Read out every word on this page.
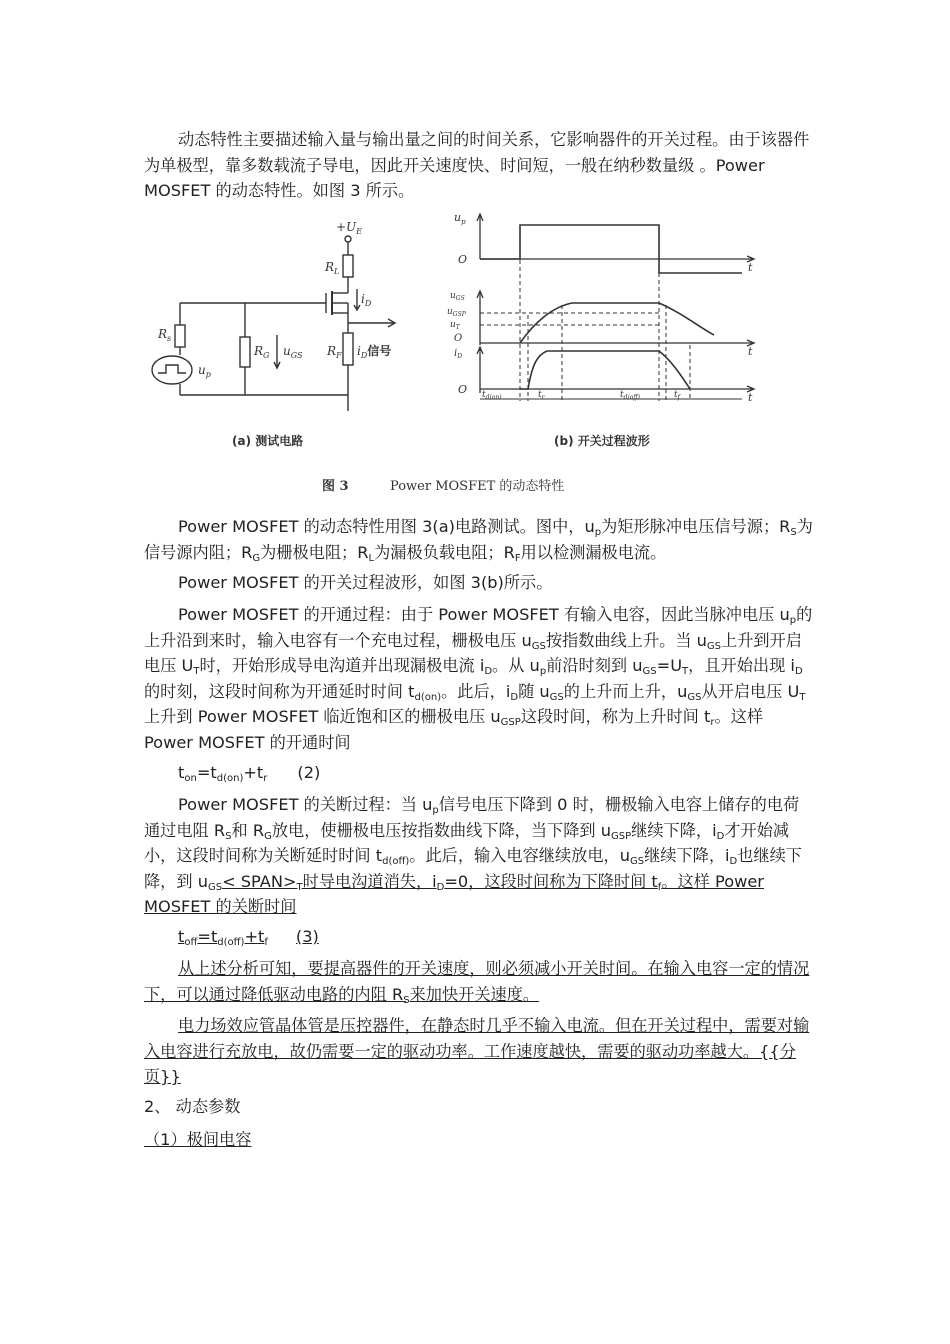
动态特性主要描述输入量与输出量之间的时间关系，它影响器件的开关过程。由于该器件为单极型，靠多数载流子导电，因此开关速度快、时间短，一般在纳秒数量级 。Power MOSFET 的动态特性。如图 3 所示。

$+U_E$
$R_L$
$i_D$
$R_s$
$R_G$ $u_{GS}$ $R_F$ $i_D$信号
$u_p$
(a) 测试电路
$u_p$
O
t
$u_{GS}$
$u_{GSP}$
$u_T$
O
$i_D$	t
O
t
$t_{d(on)}$	$t_r$	$t_{d(off)}$	$t_f$
(b) 开关过程波形
图 3	Power MOSFET 的动态特性

Power MOSFET 的动态特性用图 3(a)电路测试。图中，$u_p$为矩形脉冲电压信号源；$R_S$为信号源内阻；$R_G$为栅极电阻；$R_L$为漏极负载电阻；$R_F$用以检测漏极电流。

Power MOSFET 的开关过程波形，如图 3(b)所示。

Power MOSFET 的开通过程：由于 Power MOSFET 有输入电容，因此当脉冲电压 $u_p$的上升沿到来时，输入电容有一个充电过程，栅极电压 $u_{GS}$按指数曲线上升。当 $u_{GS}$上升到开启电压 $U_T$时，开始形成导电沟道并出现漏极电流 $i_D$。从 $u_p$前沿时刻到 $u_{GS}=U_T$，且开始出现 $i_D$的时刻，这段时间称为开通延时时间 $t_{d(on)}$。此后，$i_D$随 $u_{GS}$的上升而上升，$u_{GS}$从开启电压 $U_T$上升到 Power MOSFET 临近饱和区的栅极电压 $u_{GSP}$这段时间，称为上升时间 $t_r$。这样 Power MOSFET 的开通时间

$t_{on}=t_{d(on)}+t_r$ (2)

Power MOSFET 的关断过程：当 $u_p$信号电压下降到 0 时，栅极输入电容上储存的电荷通过电阻 $R_S$和 $R_G$放电，使栅极电压按指数曲线下降，当下降到 $u_{GSP}$继续下降，$i_D$才开始减小，这段时间称为关断延时时间 $t_{d(off)}$。此后，输入电容继续放电，$u_{GS}$继续下降，$i_D$也继续下降，到 $u_{GS}<$ $SPAN>_T$时导电沟道消失，$i_D=0$，这段时间称为下降时间 $t_f$。这样 Power MOSFET 的关断时间

$t_{off}=t_{d(off)}+t_f$ (3)

从上述分析可知，要提高器件的开关速度，则必须减小开关时间。在输入电容一定的情况下，可以通过降低驱动电路的内阻 $R_S$来加快开关速度。

电力场效应管晶体管是压控器件，在静态时几乎不输入电流。但在开关过程中，需要对输入电容进行充放电，故仍需要一定的驱动功率。工作速度越快，需要的驱动功率越大。{{分页}}

2、 动态参数

（1）极间电容
